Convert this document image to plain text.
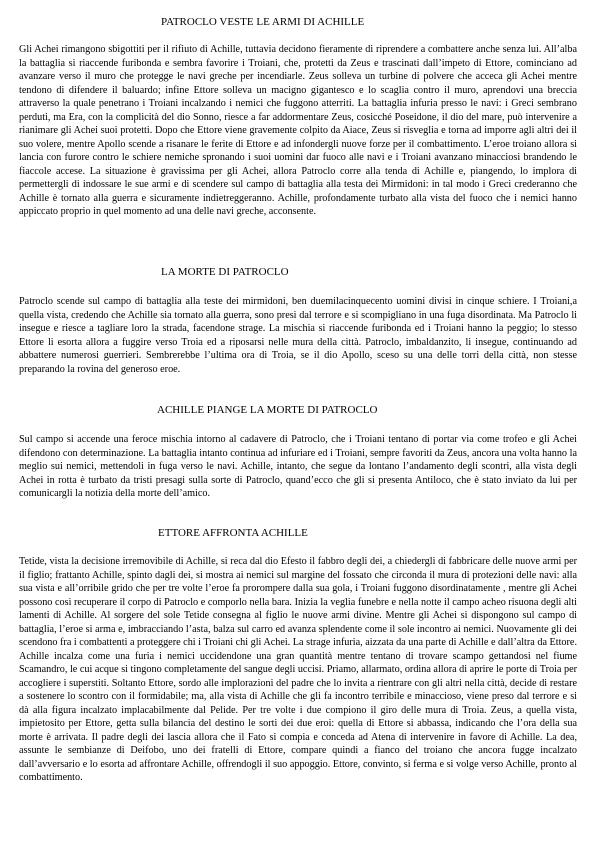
PATROCLO VESTE LE ARMI DI ACHILLE

Gli Achei rimangono sbigottiti per il rifiuto di Achille, tuttavia decidono fieramente di riprendere a combattere anche senza lui. All’alba la battaglia si riaccende furibonda e sembra favorire i Troiani, che, protetti da Zeus e trascinati dall’impeto di Ettore, cominciano ad avanzare verso il muro che protegge le navi greche per incendiarle. Zeus solleva un turbine di polvere che acceca gli Achei mentre tendono di difendere il baluardo; infine Ettore solleva un macigno gigantesco e lo scaglia contro il muro, aprendovi una breccia attraverso la quale penetrano i Troiani incalzando i nemici che fuggono atterriti. La battaglia infuria presso le navi: i Greci sembrano perduti, ma Era, con la complicità del dio Sonno, riesce a far addormentare Zeus, cosicché Poseidone, il dio del mare, può intervenire a rianimare gli Achei suoi protetti. Dopo che Ettore viene gravemente colpito da Aiace, Zeus si risveglia e torna ad imporre agli altri dei il suo volere, mentre Apollo scende a risanare le ferite di Ettore e ad infondergli nuove forze per il combattimento. L’eroe troiano allora si lancia con furore contro le schiere nemiche spronando i suoi uomini dar fuoco alle navi e i Troiani avanzano minacciosi brandendo le fiaccole accese. La situazione è gravissima per gli Achei, allora Patroclo corre alla tenda di Achille e, piangendo, lo implora di permettergli di indossare le sue armi e di scendere sul campo di battaglia alla testa dei Mirmidoni: in tal modo i Greci crederanno che Achille è tornato alla guerra e sicuramente indietreggeranno. Achille, profondamente turbato alla vista del fuoco che i nemici hanno appiccato proprio in quel momento ad una delle navi greche, acconsente.

LA MORTE DI PATROCLO

Patroclo scende sul campo di battaglia alla teste dei mirmidoni, ben duemilacinquecento uomini divisi in cinque schiere. I Troiani,a quella vista, credendo che Achille sia tornato alla guerra, sono presi dal terrore e si scompigliano in una fuga disordinata. Ma Patroclo li insegue e riesce a tagliare loro la strada, facendone strage. La mischia si riaccende furibonda ed i Troiani hanno la peggio; lo stesso Ettore li esorta allora a fuggire verso Troia ed a riposarsi nelle mura della città. Patroclo, imbaldanzito, li insegue, continuando ad abbattere numerosi guerrieri. Sembrerebbe l’ultima ora di Troia, se il dio Apollo, sceso su una delle torri della città, non stesse preparando la rovina del generoso eroe.

ACHILLE PIANGE LA MORTE DI PATROCLO

Sul campo si accende una feroce mischia intorno al cadavere di Patroclo, che i Troiani tentano di portar via come trofeo e gli Achei difendono con determinazione. La battaglia intanto continua ad infuriare ed i Troiani, sempre favoriti da Zeus, ancora una volta hanno la meglio sui nemici, mettendoli in fuga verso le navi. Achille, intanto, che segue da lontano l’andamento degli scontri, alla vista degli Achei in rotta è turbato da tristi presagi sulla sorte di Patroclo, quand’ecco che gli si presenta Antiloco, che è stato inviato da lui per comunicargli la notizia della morte dell’amico.

ETTORE AFFRONTA ACHILLE

Tetide, vista la decisione irremovibile di Achille, si reca dal dio Efesto il fabbro degli dei, a chiedergli di fabbricare delle nuove armi per il figlio; frattanto Achille, spinto dagli dei, si mostra ai nemici sul margine del fossato che circonda il mura di protezioni delle navi: alla sua vista e all’orribile grido che per tre volte l’eroe fa prorompere dalla sua gola, i Troiani fuggono disordinatamente , mentre gli Achei possono così recuperare il corpo di Patroclo e comporlo nella bara. Inizia la veglia funebre e nella notte il campo acheo risuona degli alti lamenti di Achille. Al sorgere del sole Tetide consegna al figlio le nuove armi divine. Mentre gli Achei si dispongono sul campo di battaglia, l’eroe si arma e, imbracciando l’asta, balza sul carro ed avanza splendente come il sole incontro ai nemici. Nuovamente gli dei scendono fra i combattenti a proteggere chi i Troiani chi gli Achei. La strage infuria, aizzata da una parte di Achille e dall’altra da Ettore. Achille incalza come una furia i nemici uccidendone una gran quantità mentre tentano di trovare scampo gettandosi nel fiume Scamandro, le cui acque si tingono completamente del sangue degli uccisi. Priamo, allarmato, ordina allora di aprire le porte di Troia per accogliere i superstiti. Soltanto Ettore, sordo alle implorazioni del padre che lo invita a rientrare con gli altri nella città, decide di restare a sostenere lo scontro con il formidabile; ma, alla vista di Achille che gli fa incontro terribile e minaccioso, viene preso dal terrore e si dà alla figura incalzato implacabilmente dal Pelide. Per tre volte i due compiono il giro delle mura di Troia. Zeus, a quella vista, impietosito per Ettore, getta sulla bilancia del destino le sorti dei due eroi: quella di Ettore si abbassa, indicando che l’ora della sua morte è arrivata. Il padre degli dei lascia allora che il Fato si compia e conceda ad Atena di intervenire in favore di Achille. La dea, assunte le sembianze di Deifobo, uno dei fratelli di Ettore, compare quindi a fianco del troiano che ancora fugge incalzato dall’avversario e lo esorta ad affrontare Achille, offrendogli il suo appoggio. Ettore, convinto, si ferma e si volge verso Achille, pronto al combattimento.
